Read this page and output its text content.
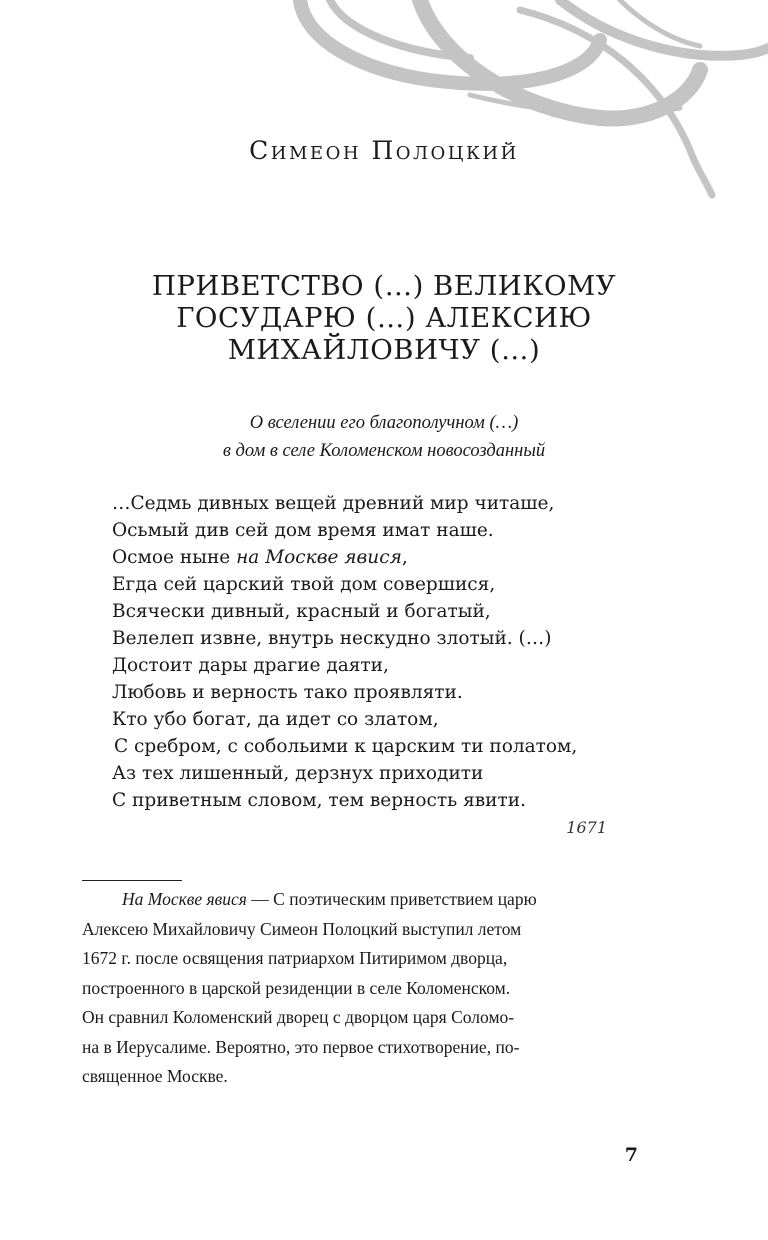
Симеон Полоцкий
ПРИВЕТСТВО (…) ВЕЛИКОМУ
ГОСУДАРЮ (…) АЛЕКСИЮ
МИХАЙЛОВИЧУ (…)
О вселении его благополучном (…)
в дом в селе Коломенском новосозданный
…Седмь дивных вещей древний мир читаше,
Осьмый див сей дом время имат наше.
Осмое ныне на Москве явися,
Егда сей царский твой дом совершися,
Всячески дивный, красный и богатый,
Велелеп извне, внутрь нескудно злотый. (…)
Достоит дары драгие даяти,
Любовь и верность тако проявляти.
Кто убо богат, да идет со златом,
С сребром, с собольими к царским ти полатом,
Аз тех лишенный, дерзнух приходити
С приветным словом, тем верность явити.
1671
На Москве явися — С поэтическим приветствием царю
Алексею Михайловичу Симеон Полоцкий выступил летом
1672 г. после освящения патриархом Питиримом дворца,
построенного в царской резиденции в селе Коломенском.
Он сравнил Коломенский дворец с дворцом царя Соломо-
на в Иерусалиме. Вероятно, это первое стихотворение, по-
священное Москве.
7
